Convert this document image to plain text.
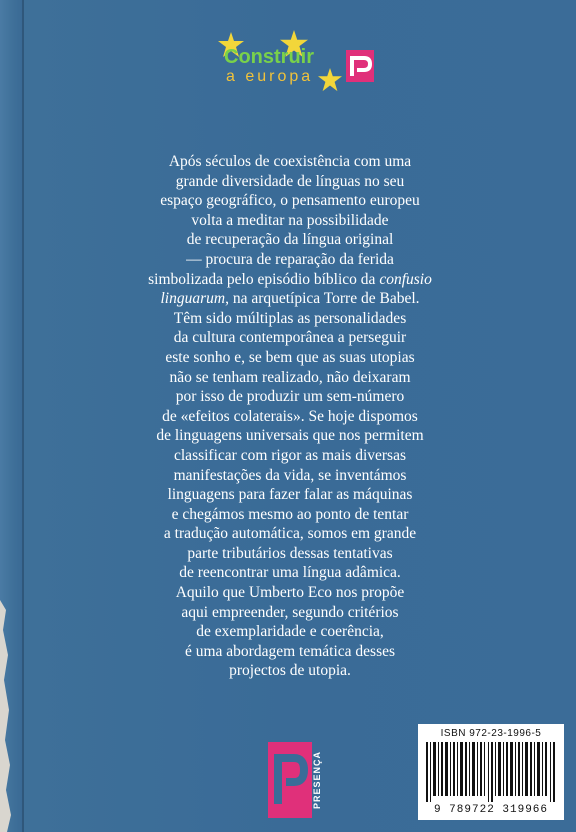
Construir
a europa

Após séculos de coexistência com uma

grande diversidade de línguas no seu

espaço geográfico, o pensamento europeu

volta a meditar na possibilidade

de recuperação da língua original

— procura de reparação da ferida

simbolizada pelo episódio bíblico da confusio

linguarum, na arquetípica Torre de Babel.

Têm sido múltiplas as personalidades

da cultura contemporânea a perseguir

este sonho e, se bem que as suas utopias

não se tenham realizado, não deixaram

por isso de produzir um sem-número

de «efeitos colaterais». Se hoje dispomos

de linguagens universais que nos permitem

classificar com rigor as mais diversas

manifestações da vida, se inventámos

linguagens para fazer falar as máquinas

e chegámos mesmo ao ponto de tentar

a tradução automática, somos em grande

parte tributários dessas tentativas

de reencontrar uma língua adâmica.

Aquilo que Umberto Eco nos propõe

aqui empreender, segundo critérios

de exemplaridade e coerência,

é uma abordagem temática desses

projectos de utopia.

PRESENÇA
ISBN 972-23-1996-5
9 789722 319966
